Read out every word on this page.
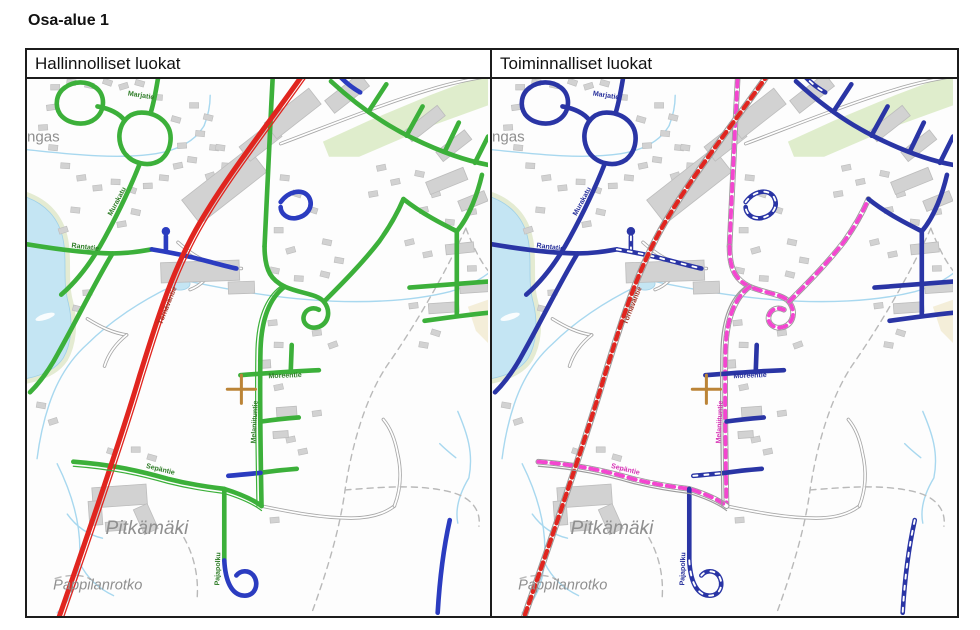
Osa-alue 1
Hallinnolliset luokat
ngas
Pitkämäki
Pappilanrotko
Marjatie
Murakatu
Rantatie
Törnäväntie
Moreentie
Melaniituntie
Sepäntie
Pajapolku
Toiminnalliset luokat
ngas
Pitkämäki
Pappilanrotko
Marjatie
Murakatu
Rantatie
Törnäväntie
Moreentie
Melaniituntie
Sepäntie
Pajapolku
